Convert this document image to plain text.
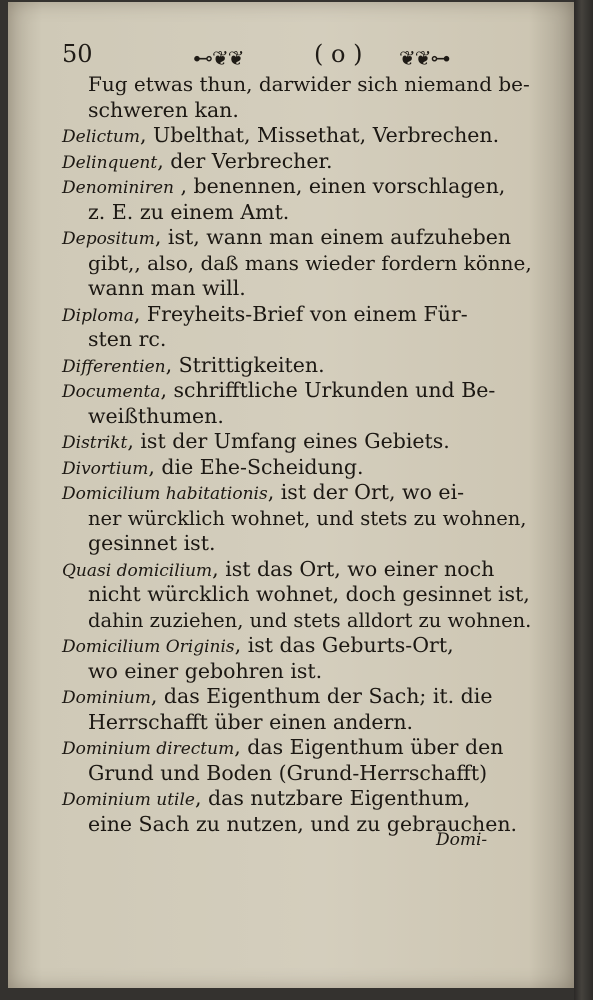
50	⊷❦❦	( o ) ❦❦⊶
Fug etwas thun, darwider sich niemand be-
schweren kan.
Delictum, Ubelthat, Missethat, Verbrechen.
Delinquent, der Verbrecher.
Denominiren , benennen, einen vorschlagen,
z. E. zu einem Amt.
Depositum, ist, wann man einem aufzuheben
gibt,, also, daß mans wieder fordern könne,
wann man will.
Diploma, Freyheits-Brief von einem Für-
sten rc.
Differentien, Strittigkeiten.
Documenta, schrifftliche Urkunden und Be-
weißthumen.
Distrikt, ist der Umfang eines Gebiets.
Divortium, die Ehe-Scheidung.
Domicilium habitationis, ist der Ort, wo ei-
ner würcklich wohnet, und stets zu wohnen,
gesinnet ist.
Quasi domicilium, ist das Ort, wo einer noch
nicht würcklich wohnet, doch gesinnet ist,
dahin zuziehen, und stets alldort zu wohnen.
Domicilium Originis, ist das Geburts-Ort,
wo einer gebohren ist.
Dominium, das Eigenthum der Sach; it. die
Herrschafft über einen andern.
Dominium directum, das Eigenthum über den
Grund und Boden (Grund-Herrschafft)
Dominium utile, das nutzbare Eigenthum,
eine Sach zu nutzen, und zu gebrauchen.
Domi-
